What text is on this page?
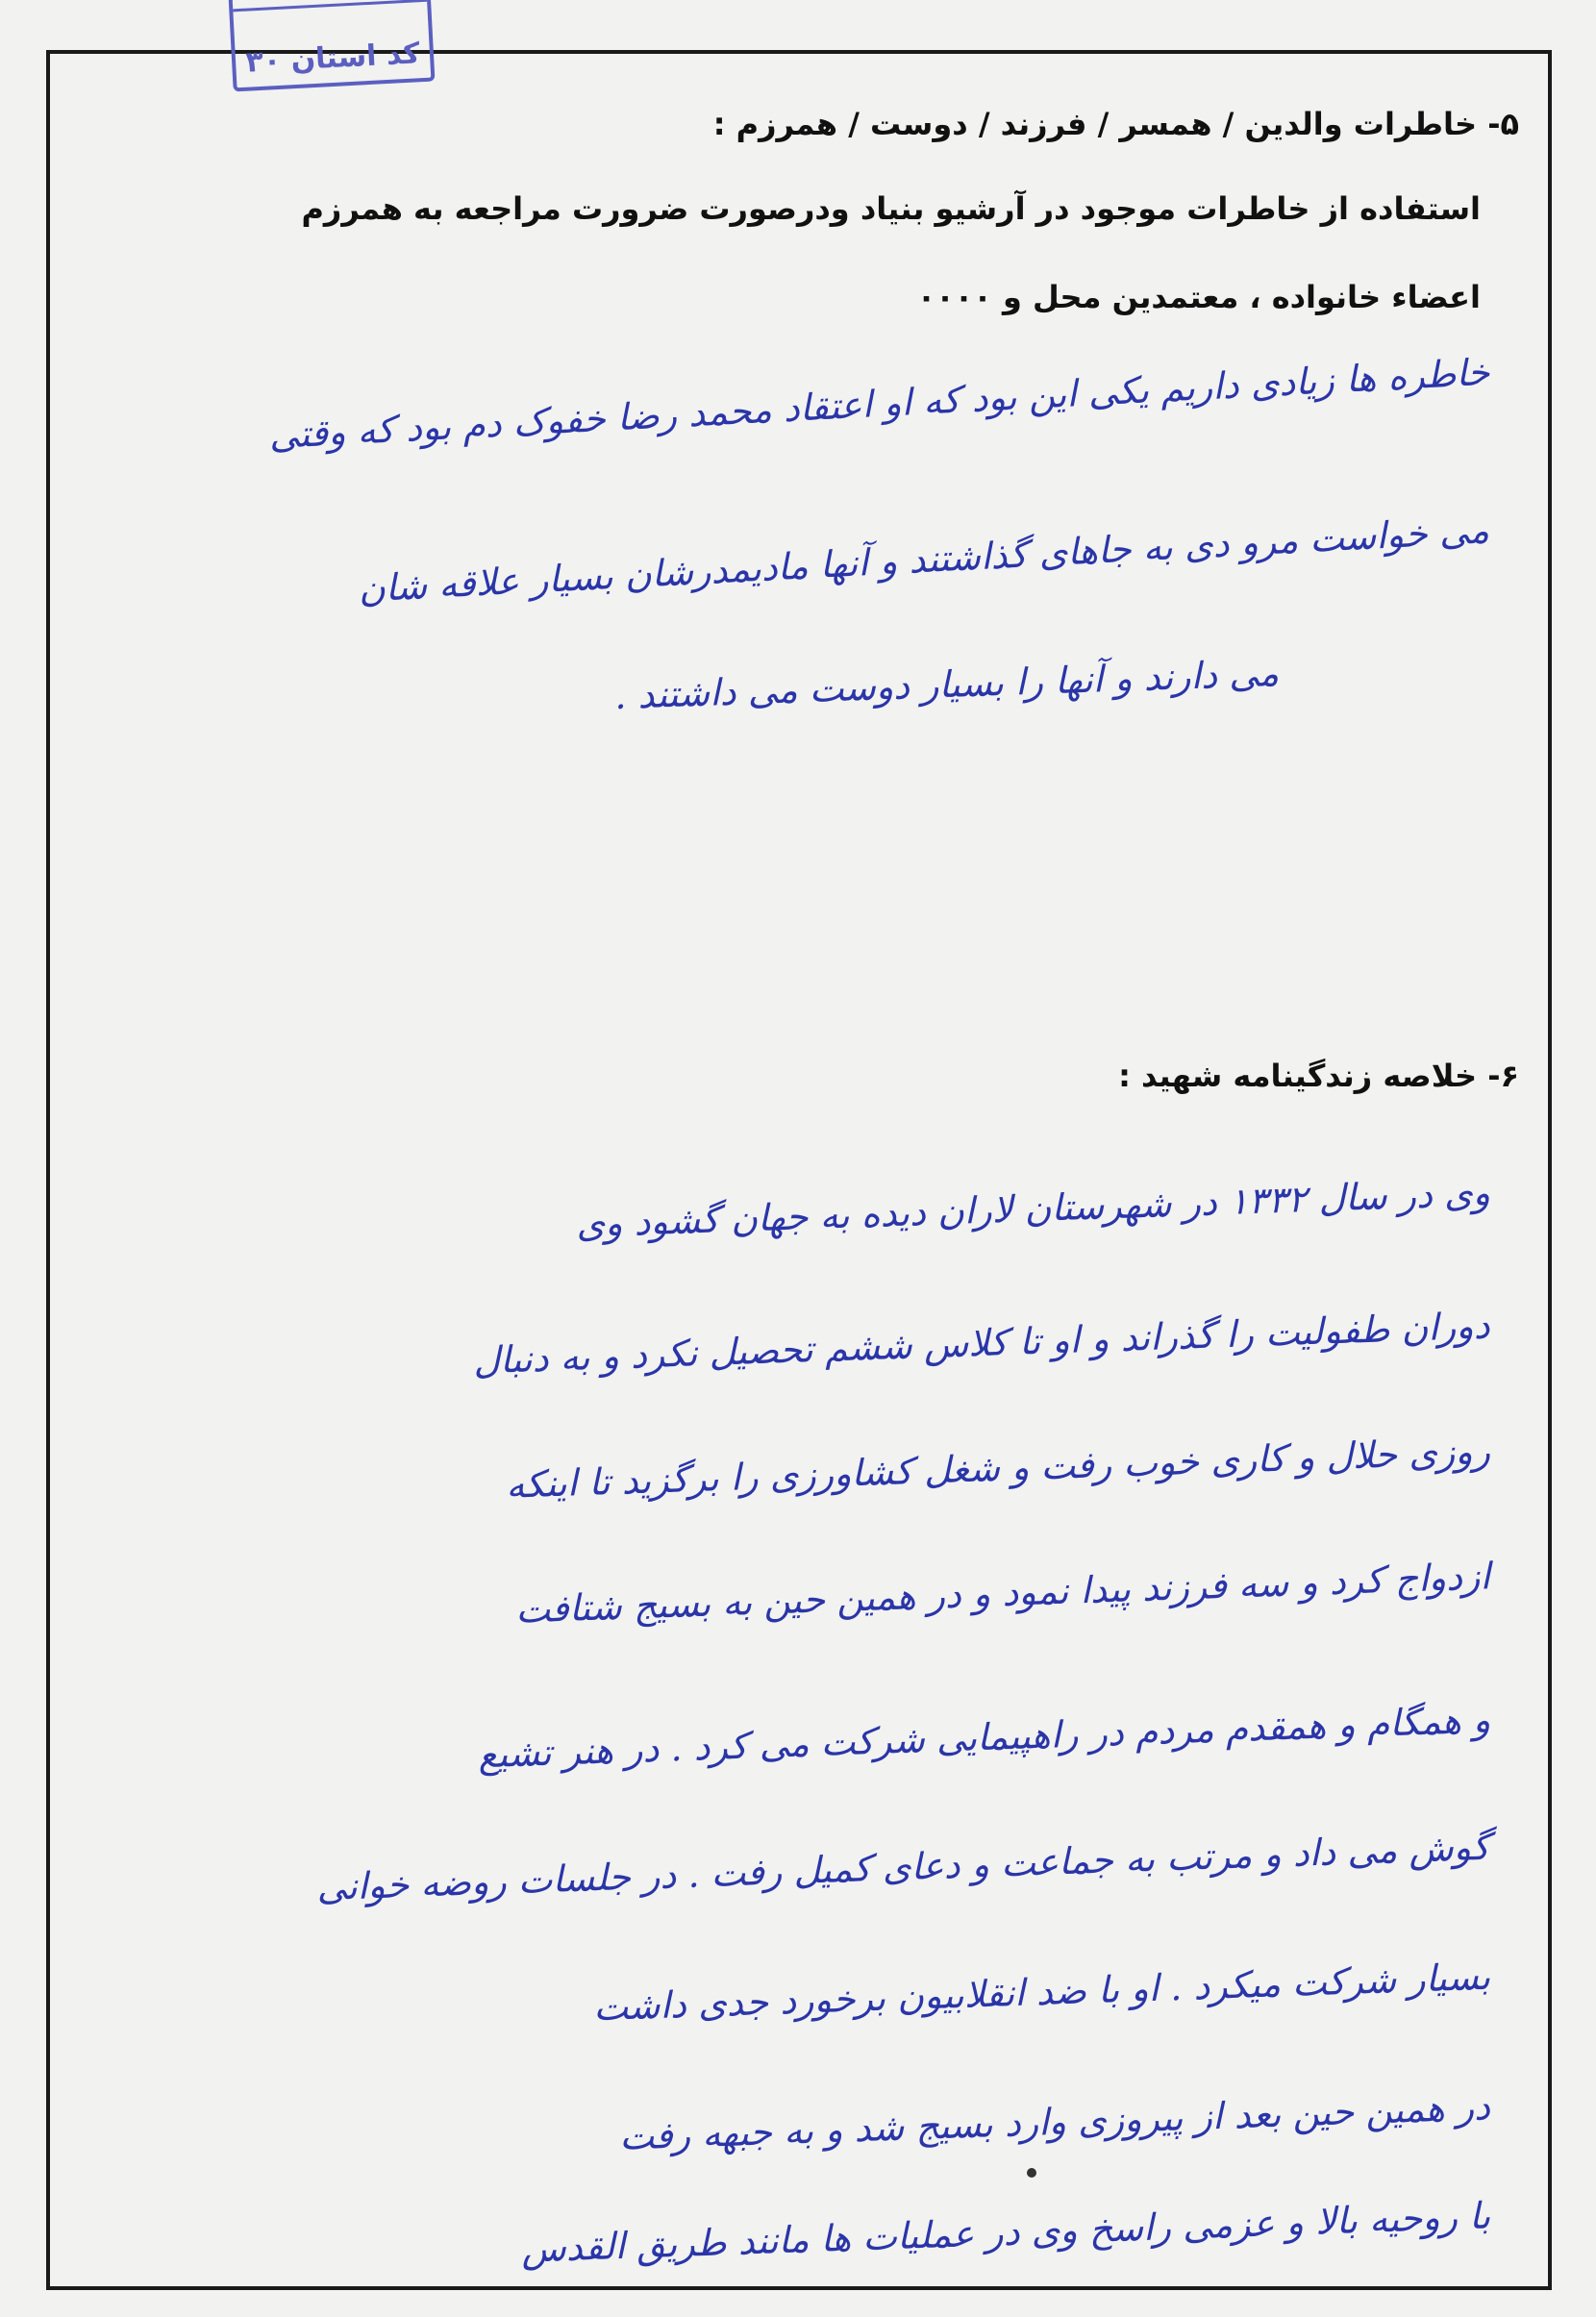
کد استان ۳۰
۵- خاطرات والدین / همسر / فرزند / دوست / همرزم :
استفاده از خاطرات موجود در آرشیو بنیاد ودرصورت ضرورت مراجعه به همرزم
اعضاء خانواده ، معتمدین محل و ۰۰۰۰
خاطره ها زیادی داریم یکی این بود که او اعتقاد محمد رضا خفوک دم بود که وقتی
می خواست مرو دی به جاهای گذاشتند و آنها مادیمدرشان بسیار علاقه شان
می دارند و آنها را بسیار دوست می داشتند .
۶- خلاصه زندگینامه شهید :
وی در سال ۱۳۳۲ در شهرستان لاران دیده به جهان گشود وی
دوران طفولیت را گذراند و او تا کلاس ششم تحصیل نکرد و به دنبال
روزی حلال و کاری خوب رفت و شغل کشاورزی را برگزید تا اینکه
ازدواج کرد و سه فرزند پیدا نمود و در همین حین به بسیج شتافت
و همگام و همقدم مردم در راهپیمایی شرکت می کرد . در هنر تشیع
گوش می داد و مرتب به جماعت و دعای کمیل رفت . در جلسات روضه خوانی
بسیار شرکت میکرد . او با ضد انقلابیون برخورد جدی داشت
در همین حین بعد از پیروزی وارد بسیج شد و به جبهه رفت
با روحیه بالا و عزمی راسخ وی در عملیات ها مانند طریق القدس
